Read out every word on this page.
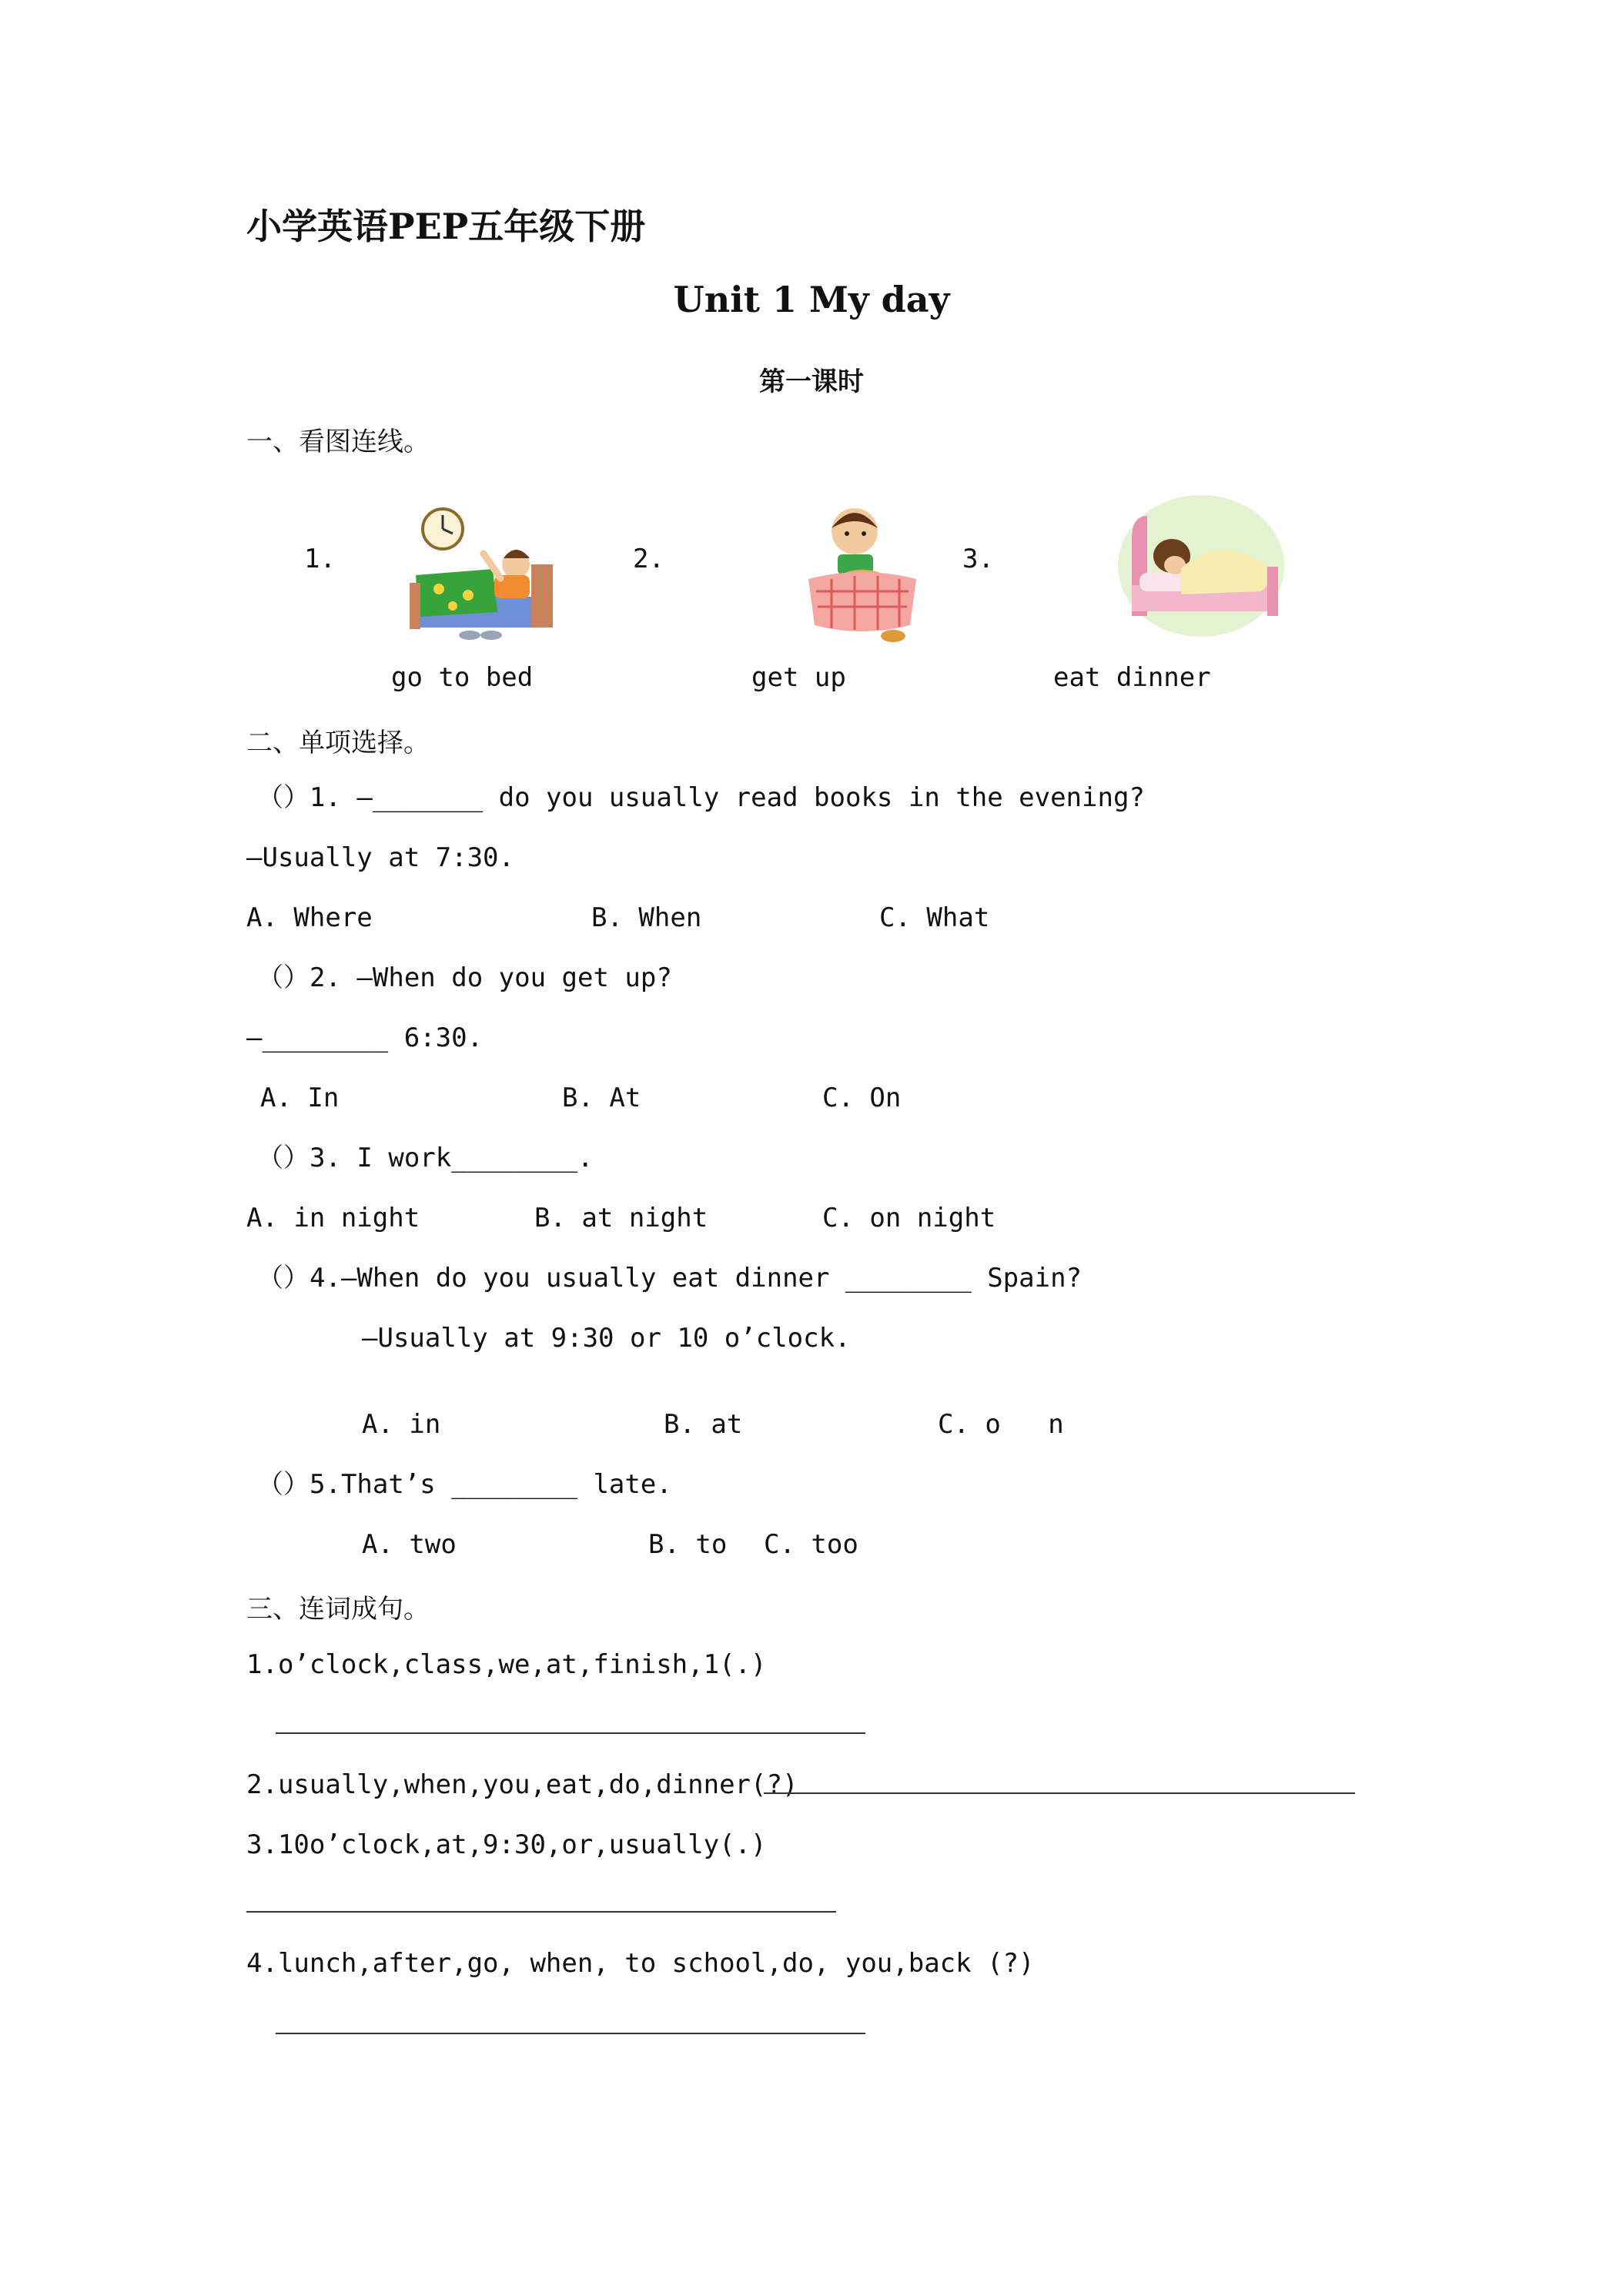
小学英语PEP五年级下册
Unit 1 My day
第一课时
一、看图连线。
1.	2.	3.
go to bed	get up	eat dinner
二、单项选择。
（）1. —_______ do you usually read books in the evening?
—Usually at 7:30.
A. Where	B. When	C. What
（）2. —When do you get up?
—________ 6:30.
A. In	B. At	C. On
（）3. I work________.
A. in night	B. at night	C. on night
（）4.—When do you usually eat dinner ________ Spain?
—Usually at 9:30 or 10 o’clock.
A. in	B. at	C. o   n
（）5.That’s ________ late.
A. two	B. to C. too
三、连词成句。
1.o’clock,class,we,at,finish,1(.)
2.usually,when,you,eat,do,dinner(?)
3.10o’clock,at,9:30,or,usually(.)
4.lunch,after,go, when, to school,do, you,back (?)
